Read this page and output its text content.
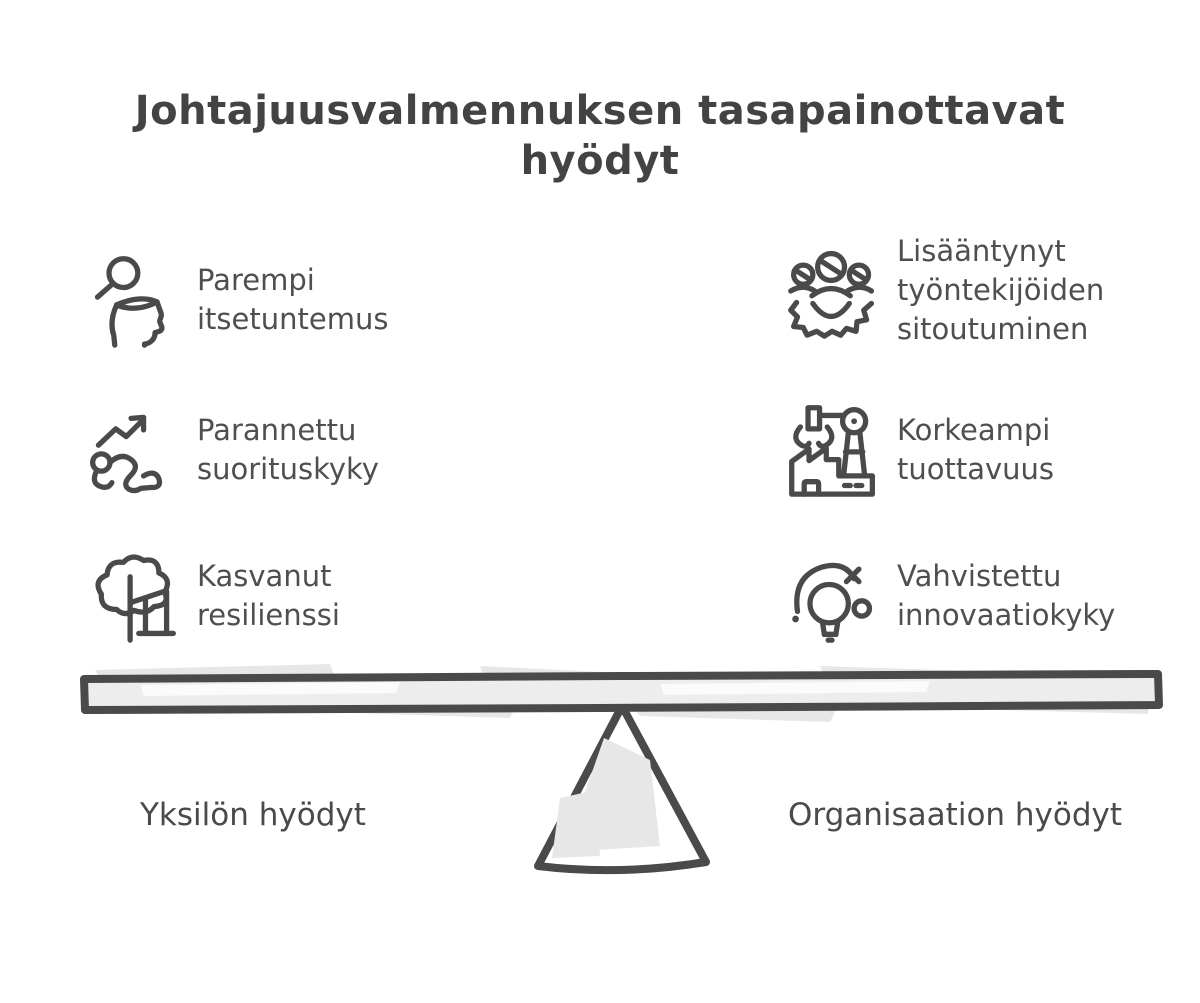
Johtajuusvalmennuksen tasapainottavat hyödyt
Parempi itsetuntemus
Parannettu suorituskyky
Kasvanut resilienssi
Lisääntynyt työntekijöiden sitoutuminen
Korkeampi tuottavuus
Vahvistettu innovaatiokyky
Yksilön hyödyt	Organisaation hyödyt
